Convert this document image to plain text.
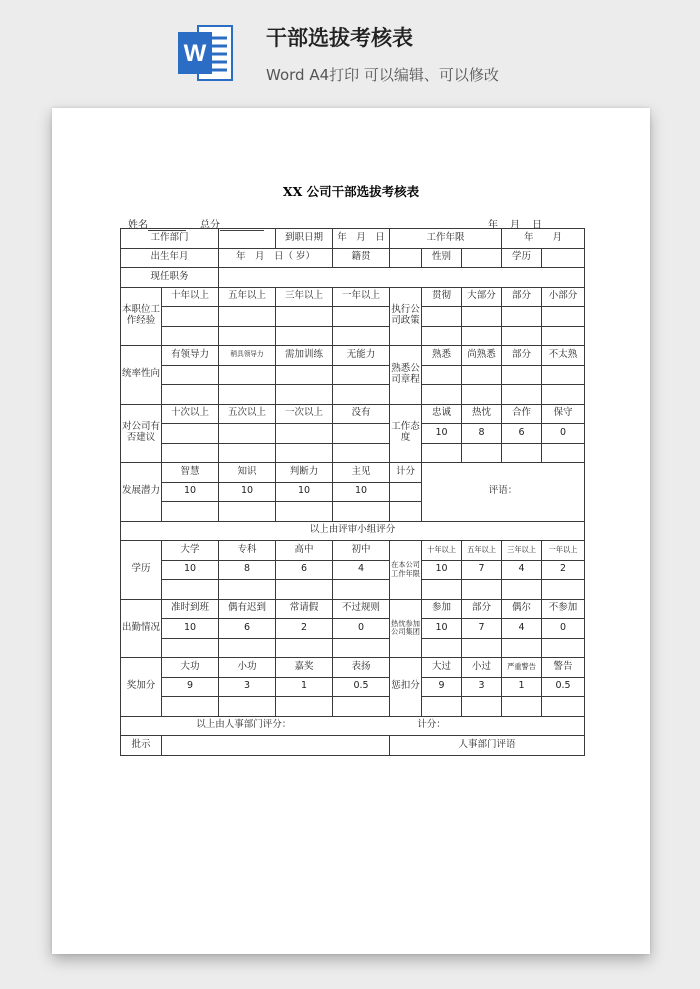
W
干部选拔考核表
Word A4打印 可以编辑、可以修改
XX 公司干部选拔考核表
姓名	总分	年 月 日
工作部门			到职日期	年　 月　 日	工作年限			年　　 月	
出生年月		年　月　日（ 岁）		籍贯		性别		学历	
现任职务									
本职位工作经验	十年以上	五年以上	三年以上	一年以上	执行公司政策	贯彻	大部分	部分	小部分

统率性向	有领导力	稍具领导力	需加训练	无能力	熟悉公司章程	熟悉	尚熟悉	部分	不太熟

对公司有否建议	十次以上	五次以上	一次以上	没有	工作态度	忠诚	热忱	合作	保守
						10	8	6	0

发展潜力	智慧	知识	判断力	主见	计分	评语：			
	10	10	10	10					

以上由评审小组评分									
学历	大学	专科	高中	初中	在本公司工作年限	十年以上	五年以上	三年以上	一年以上
	10	8	6	4		10	7	4	2

出勤情况	准时到班	偶有迟到	常请假	不过规则	热忱参加公司集团	参加	部分	偶尔	不参加
	10	6	2	0		10	7	4	0

奖加分	大功	小功	嘉奖	表扬	惩扣分	大过	小过	严重警告	警告
	9	3	1	0.5		9	3	1	0.5

以上由人事部门评分： 计分：									
批示					人事部门评语				
